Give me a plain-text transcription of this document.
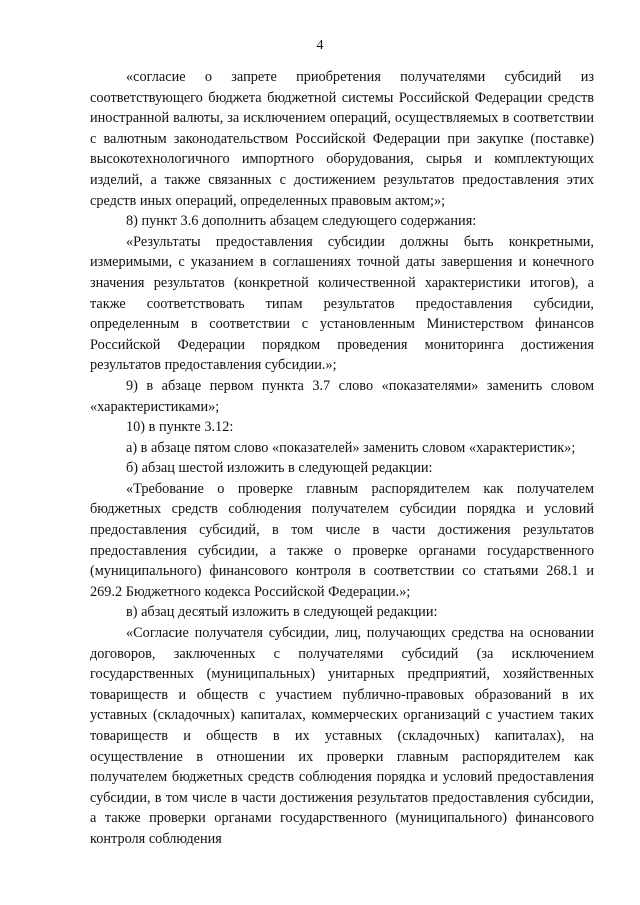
4

«согласие о запрете приобретения получателями субсидий из соответствующего бюджета бюджетной системы Российской Федерации средств иностранной валюты, за исключением операций, осуществляемых в соответствии с валютным законодательством Российской Федерации при закупке (поставке) высокотехнологичного импортного оборудования, сырья и комплектующих изделий, а также связанных с достижением результатов предоставления этих средств иных операций, определенных правовым актом;»;

8) пункт 3.6 дополнить абзацем следующего содержания:

«Результаты предоставления субсидии должны быть конкретными, измеримыми, с указанием в соглашениях точной даты завершения и конечного значения результатов (конкретной количественной характеристики итогов), а также соответствовать типам результатов предоставления субсидии, определенным в соответствии с установленным Министерством финансов Российской Федерации порядком проведения мониторинга достижения результатов предоставления субсидии.»;

9) в абзаце первом пункта 3.7 слово «показателями» заменить словом «характеристиками»;

10) в пункте 3.12:

а) в абзаце пятом слово «показателей» заменить словом «характеристик»;

б) абзац шестой изложить в следующей редакции:

«Требование о проверке главным распорядителем как получателем бюджетных средств соблюдения получателем субсидии порядка и условий предоставления субсидий, в том числе в части достижения результатов предоставления субсидии, а также о проверке органами государственного (муниципального) финансового контроля в соответствии со статьями 268.1 и 269.2 Бюджетного кодекса Российской Федерации.»;

в) абзац десятый изложить в следующей редакции:

«Согласие получателя субсидии, лиц, получающих средства на основании договоров, заключенных с получателями субсидий (за исключением государственных (муниципальных) унитарных предприятий, хозяйственных товариществ и обществ с участием публично-правовых образований в их уставных (складочных) капиталах, коммерческих организаций с участием таких товариществ и обществ в их уставных (складочных) капиталах), на осуществление в отношении их проверки главным распорядителем как получателем бюджетных средств соблюдения порядка и условий предоставления субсидии, в том числе в части достижения результатов предоставления субсидии, а также проверки органами государственного (муниципального) финансового контроля соблюдения
